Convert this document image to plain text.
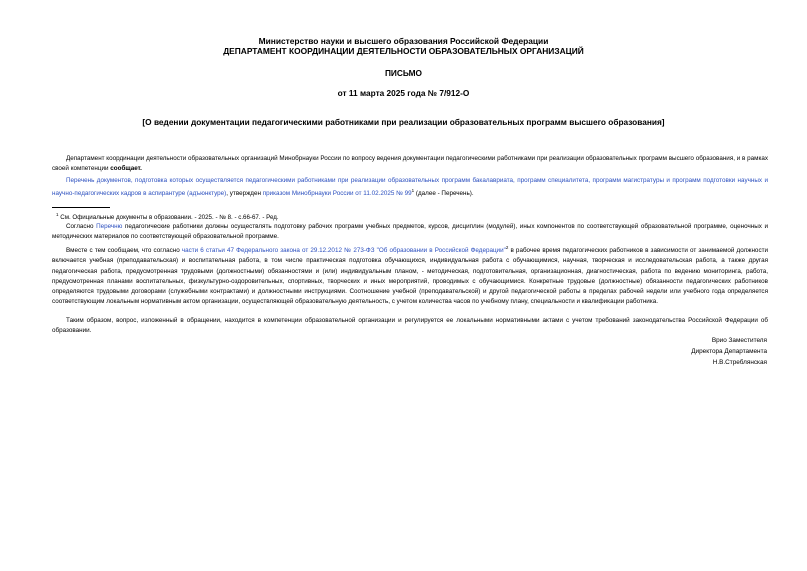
Министерство науки и высшего образования Российской Федерации
ДЕПАРТАМЕНТ КООРДИНАЦИИ ДЕЯТЕЛЬНОСТИ ОБРАЗОВАТЕЛЬНЫХ ОРГАНИЗАЦИЙ
ПИСЬМО
от 11 марта 2025 года № 7/912-О
[О ведении документации педагогическими работниками при реализации образовательных программ высшего образования]

Департамент координации деятельности образовательных организаций Минобрнауки России по вопросу ведения документации педагогическими работниками при реализации образовательных программ высшего образования, и в рамках своей компетенции сообщает.

Перечень документов, подготовка которых осуществляется педагогическими работниками при реализации образовательных программ бакалавриата, программ специалитета, программ магистратуры и программ подготовки научных и научно-педагогических кадров в аспирантуре (адъюнктуре), утвержден приказом Минобрнауки России от 11.02.2025 № $99^1$ (далее - Перечень).

$^1$ См. Официальные документы в образовании. - 2025. - № 8. - с.66-67. - Ред.

Согласно Перечню педагогические работники должны осуществлять подготовку рабочих программ учебных предметов, курсов, дисциплин (модулей), иных компонентов по соответствующей образовательной программе, оценочных и методических материалов по соответствующей образовательной программе.

Вместе с тем сообщаем, что согласно части 6 статьи 47 Федерального закона от 29.12.2012 № 273-ФЗ "Об образовании в Российской Федерации"$^2$ в рабочее время педагогических работников в зависимости от занимаемой должности включается учебная (преподавательская) и воспитательная работа, в том числе практическая подготовка обучающихся, индивидуальная работа с обучающимися, научная, творческая и исследовательская работа, а также другая педагогическая работа, предусмотренная трудовыми (должностными) обязанностями и (или) индивидуальным планом, - методическая, подготовительная, организационная, диагностическая, работа по ведению мониторинга, работа, предусмотренная планами воспитательных, физкультурно-оздоровительных, спортивных, творческих и иных мероприятий, проводимых с обучающимися. Конкретные трудовые (должностные) обязанности педагогических работников определяются трудовыми договорами (служебными контрактами) и должностными инструкциями. Соотношение учебной (преподавательской) и другой педагогической работы в пределах рабочей недели или учебного года определяется соответствующим локальным нормативным актом организации, осуществляющей образовательную деятельность, с учетом количества часов по учебному плану, специальности и квалификации работника.

Таким образом, вопрос, изложенный в обращении, находится в компетенции образовательной организации и регулируется ее локальными нормативными актами с учетом требований законодательства Российской Федерации об образовании.

Врио Заместителя
Директора Департамента
Н.В.Стреблянская
